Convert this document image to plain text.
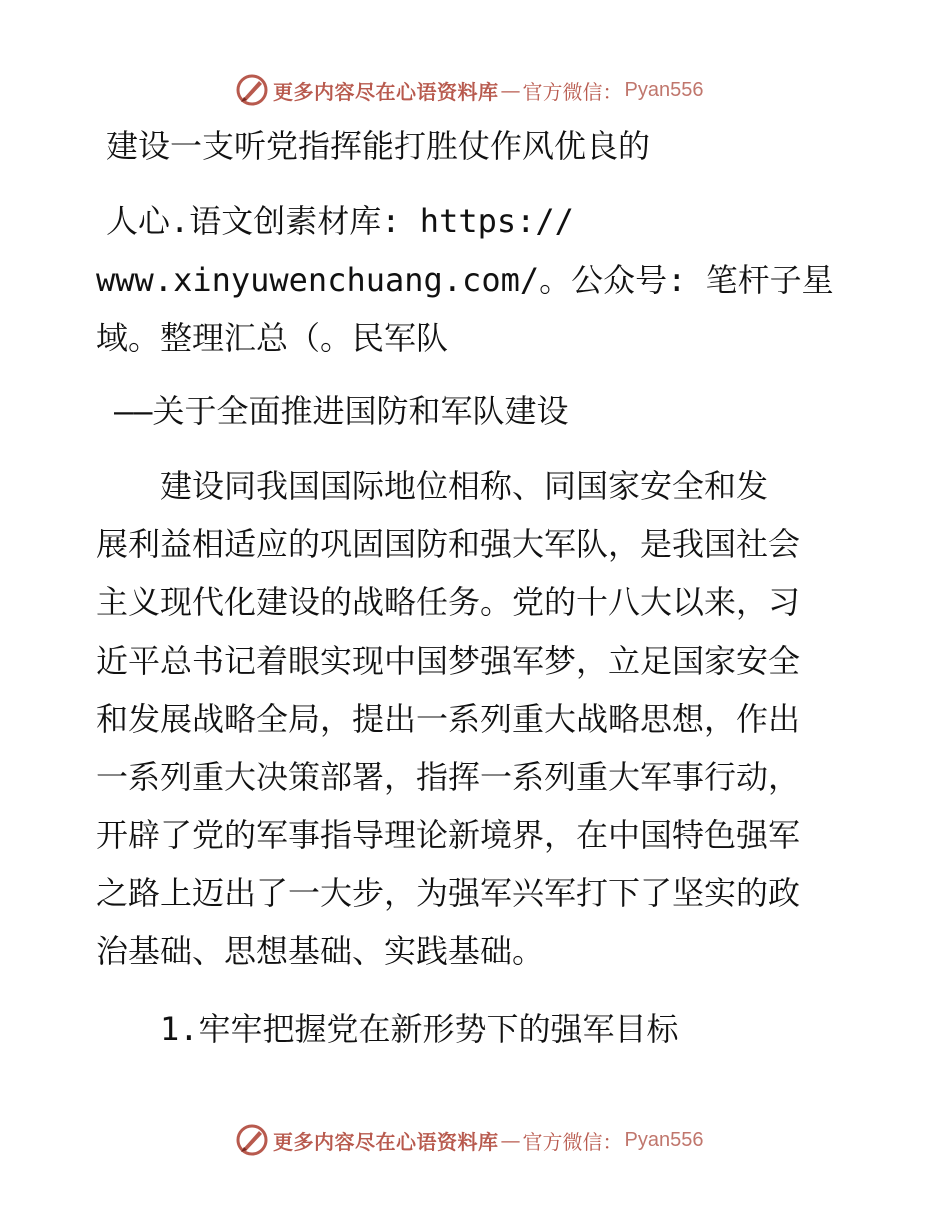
更多内容尽在心语资料库 — 官方微信： Pyan556
建设一支听党指挥能打胜仗作风优良的
人心.语文创素材库: https://
www.xinyuwenchuang.com/。公众号: 笔杆子星
域。整理汇总（。民军队
——关于全面推进国防和军队建设
　　建设同我国国际地位相称、同国家安全和发
展利益相适应的巩固国防和强大军队，是我国社会
主义现代化建设的战略任务。党的十八大以来，习
近平总书记着眼实现中国梦强军梦，立足国家安全
和发展战略全局，提出一系列重大战略思想，作出
一系列重大决策部署，指挥一系列重大军事行动，
开辟了党的军事指导理论新境界，在中国特色强军
之路上迈出了一大步，为强军兴军打下了坚实的政
治基础、思想基础、实践基础。
　　1.牢牢把握党在新形势下的强军目标
更多内容尽在心语资料库 — 官方微信： Pyan556
